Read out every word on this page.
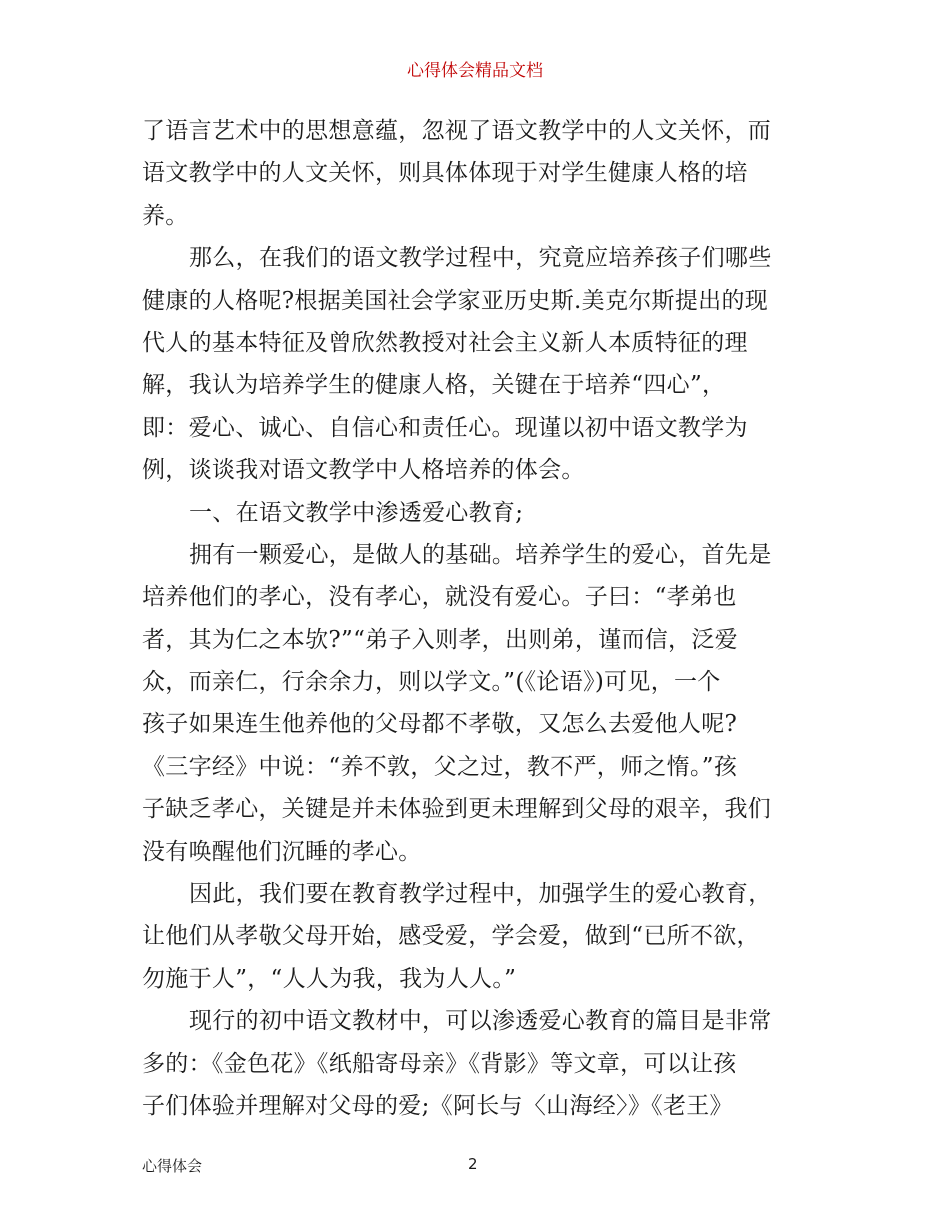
心得体会精品文档
了语言艺术中的思想意蕴，忽视了语文教学中的人文关怀，而
语文教学中的人文关怀，则具体体现于对学生健康人格的培
养。
那么，在我们的语文教学过程中，究竟应培养孩子们哪些
健康的人格呢?根据美国社会学家亚历史斯.美克尔斯提出的现
代人的基本特征及曾欣然教授对社会主义新人本质特征的理
解，我认为培养学生的健康人格，关键在于培养“四心”，
即：爱心、诚心、自信心和责任心。现谨以初中语文教学为
例，谈谈我对语文教学中人格培养的体会。
一、在语文教学中渗透爱心教育;
拥有一颗爱心，是做人的基础。培养学生的爱心，首先是
培养他们的孝心，没有孝心，就没有爱心。子曰：“孝弟也
者，其为仁之本欤?”“弟子入则孝，出则弟，谨而信，泛爱
众，而亲仁，行余余力，则以学文。”(《论语》)可见，一个
孩子如果连生他养他的父母都不孝敬，又怎么去爱他人呢?
《三字经》中说：“养不敦，父之过，教不严，师之惰。”孩
子缺乏孝心，关键是并未体验到更未理解到父母的艰辛，我们
没有唤醒他们沉睡的孝心。
因此，我们要在教育教学过程中，加强学生的爱心教育，
让他们从孝敬父母开始，感受爱，学会爱，做到“已所不欲，
勿施于人”，“人人为我，我为人人。”
现行的初中语文教材中，可以渗透爱心教育的篇目是非常
多的：《金色花》《纸船寄母亲》《背影》等文章，可以让孩
子们体验并理解对父母的爱;《阿长与〈山海经〉》《老王》
心得体会	2
